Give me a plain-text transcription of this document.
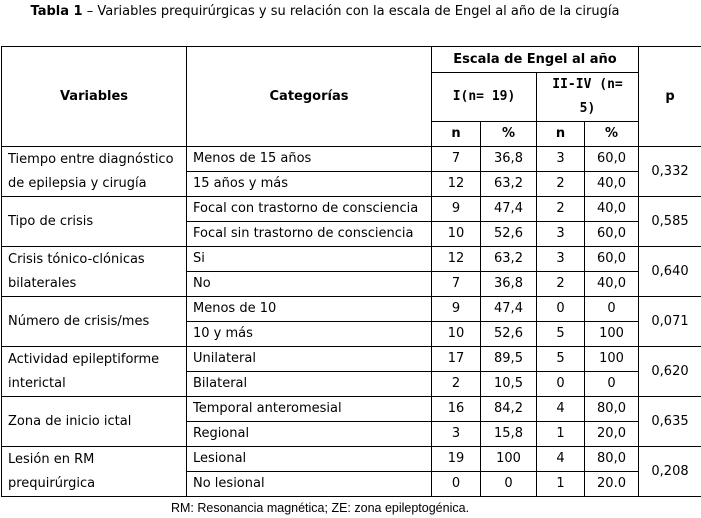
Tabla 1 – Variables prequirúrgicas y su relación con la escala de Engel al año de la cirugía
Variables	Categorías	Escala de Engel al año				p
		I(n= 19)		II-IV (n= 5)		
		n	%	n	%	
Tiempo entre diagnóstico de epilepsia y cirugía	Menos de 15 años	7	36,8	3	60,0	0,332
	15 años y más	12	63,2	2	40,0	
Tipo de crisis	Focal con trastorno de consciencia	9	47,4	2	40,0	0,585
	Focal sin trastorno de consciencia	10	52,6	3	60,0	
Crisis tónico-clónicas bilaterales	Si	12	63,2	3	60,0	0,640
	No	7	36,8	2	40,0	
Número de crisis/mes	Menos de 10	9	47,4	0	0	0,071
	10 y más	10	52,6	5	100	
Actividad epileptiforme interictal	Unilateral	17	89,5	5	100	0,620
	Bilateral	2	10,5	0	0	
Zona de inicio ictal	Temporal anteromesial	16	84,2	4	80,0	0,635
	Regional	3	15,8	1	20,0	
Lesión en RM prequirúrgica	Lesional	19	100	4	80,0	0,208
	No lesional	0	0	1	20.0	
RM: Resonancia magnética; ZE: zona epileptogénica.
